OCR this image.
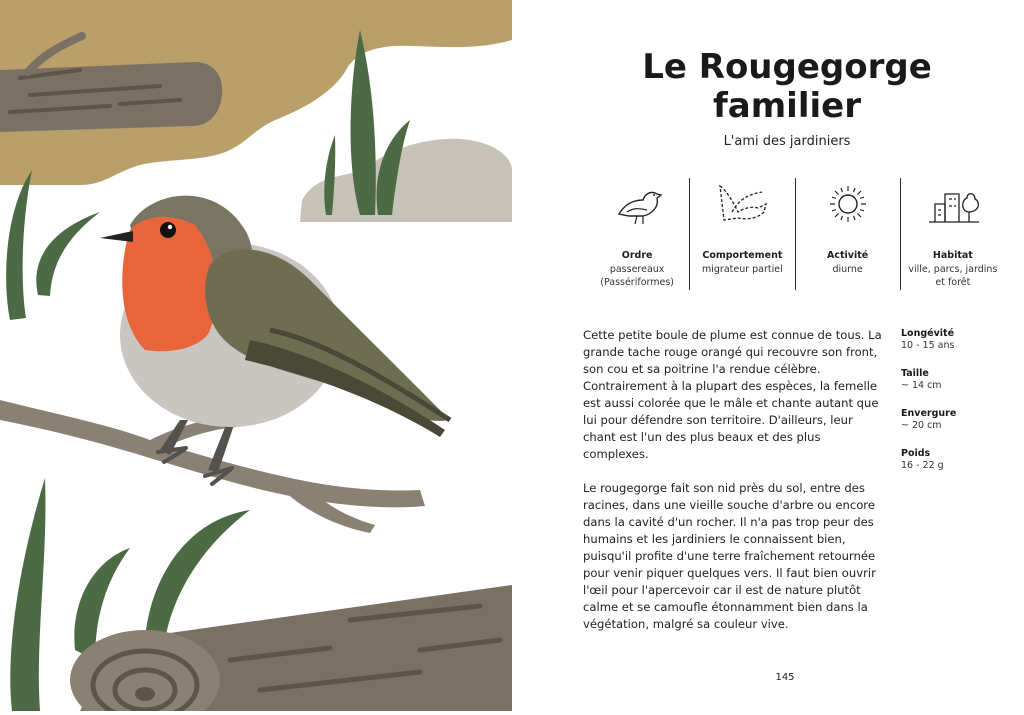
Le Rougegorge
familier
L'ami des jardiniers
Ordre
passereaux (Passériformes)
Comportement
migrateur partiel
Activité
diurne
Habitat
ville, parcs, jardins et forêt

Cette petite boule de plume est connue de tous. La grande tache rouge orangé qui recouvre son front, son cou et sa poitrine l'a rendue célèbre. Contrairement à la plupart des espèces, la femelle est aussi colorée que le mâle et chante autant que lui pour défendre son territoire. D'ailleurs, leur chant est l'un des plus beaux et des plus complexes.

Le rougegorge fait son nid près du sol, entre des racines, dans une vieille souche d'arbre ou encore dans la cavité d'un rocher. Il n'a pas trop peur des humains et les jardiniers le connaissent bien, puisqu'il profite d'une terre fraîchement retournée pour venir piquer quelques vers. Il faut bien ouvrir l'œil pour l'apercevoir car il est de nature plutôt calme et se camoufle étonnamment bien dans la végétation, malgré sa couleur vive.

Longévité
10 - 15 ans
Taille
~ 14 cm
Envergure
~ 20 cm
Poids
16 - 22 g
145
